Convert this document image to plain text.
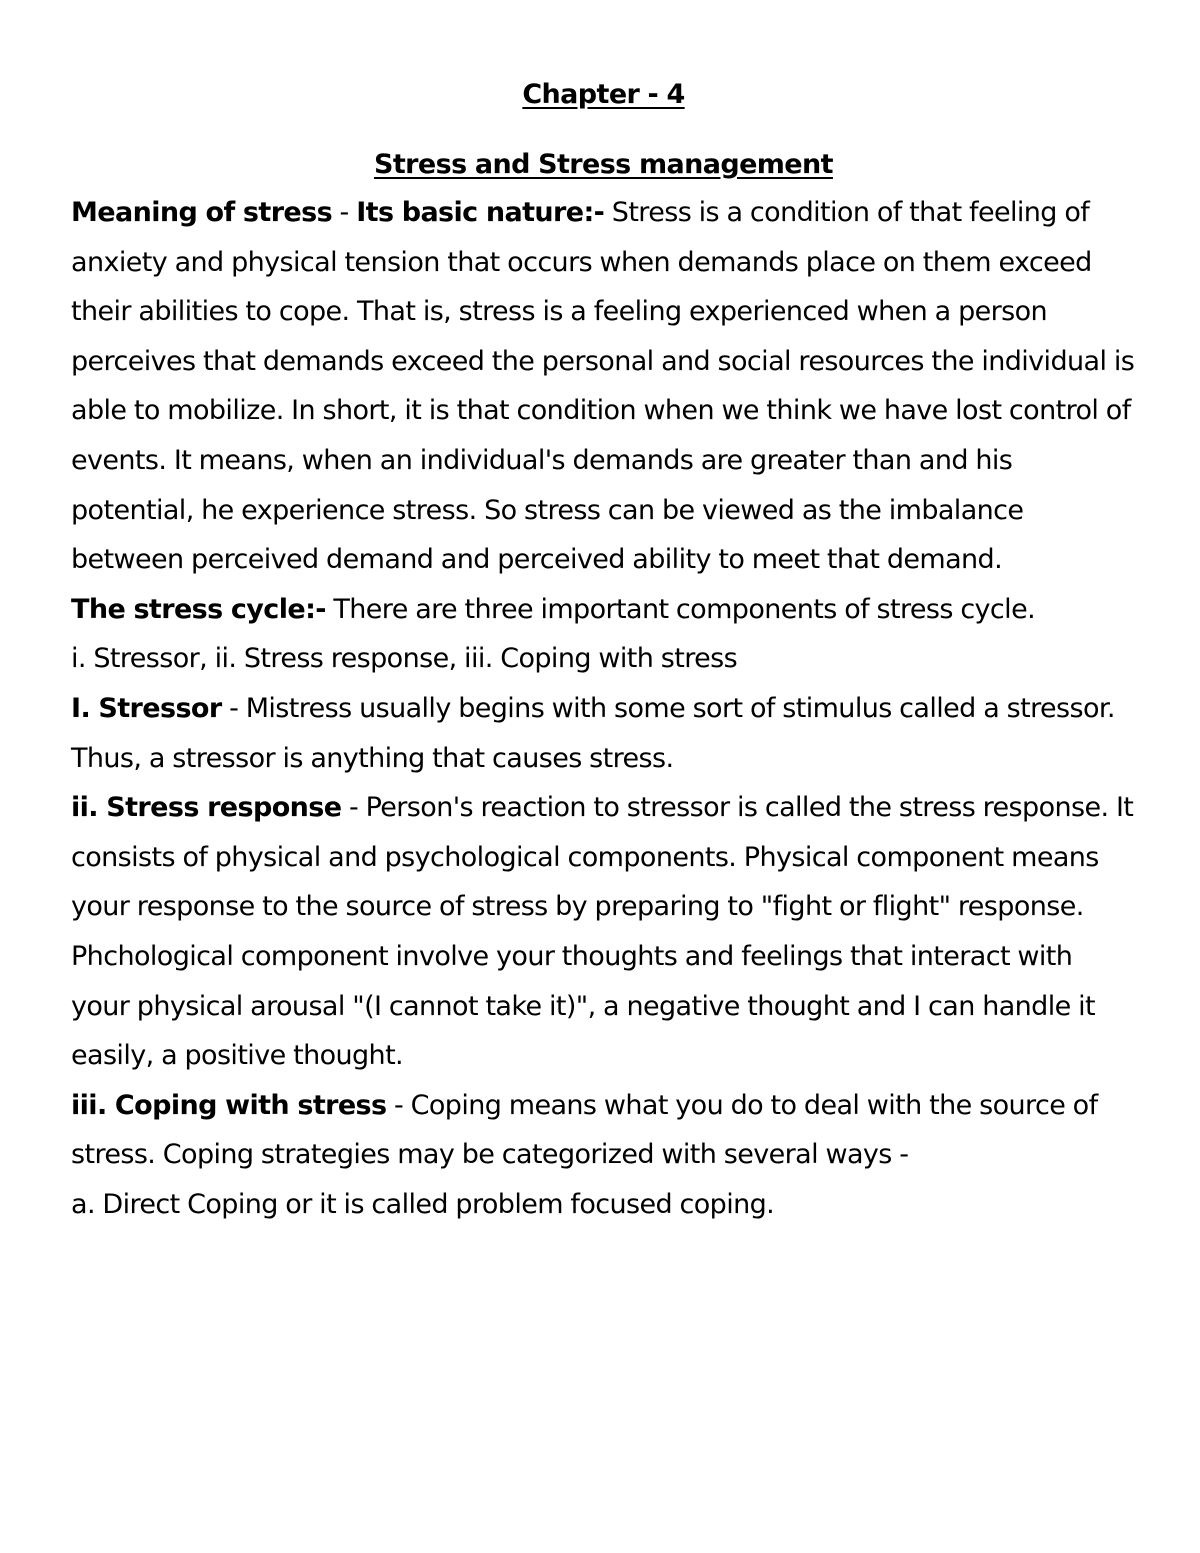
Chapter - 4

Stress and Stress management

Meaning of stress - Its basic nature:- Stress is a condition of that feeling of anxiety and physical tension that occurs when demands place on them exceed their abilities to cope. That is, stress is a feeling experienced when a person perceives that demands exceed the personal and social resources the individual is able to mobilize. In short, it is that condition when we think we have lost control of events. It means, when an individual's demands are greater than and his potential, he experience stress. So stress can be viewed as the imbalance between perceived demand and perceived ability to meet that demand.

The stress cycle:- There are three important components of stress cycle.

i. Stressor, ii. Stress response, iii. Coping with stress

I. Stressor - Mistress usually begins with some sort of stimulus called a stressor. Thus, a stressor is anything that causes stress.

ii. Stress response - Person's reaction to stressor is called the stress response. It consists of physical and psychological components. Physical component means your response to the source of stress by preparing to "fight or flight" response. Phchological component involve your thoughts and feelings that interact with your physical arousal "(I cannot take it)", a negative thought and I can handle it easily, a positive thought.

iii. Coping with stress - Coping means what you do to deal with the source of stress. Coping strategies may be categorized with several ways -

a. Direct Coping or it is called problem focused coping.
